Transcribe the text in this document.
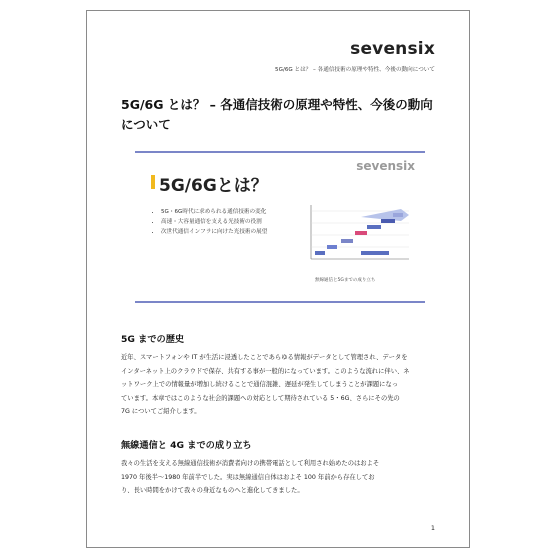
sevensix
5G/6G とは？ – 各通信技術の原理や特性、今後の動向について
5G/6G とは？ – 各通信技術の原理や特性、今後の動向について
sevensix
5G/6Gとは？
• 5G・6G時代に求められる通信技術の変化
• 高速・大容量通信を支える光技術の役割
• 次世代通信インフラに向けた光技術の展望
無線通信と5Gまでの成り立ち
5G までの歴史
近年、スマートフォンや IT が生活に浸透したことであらゆる情報がデータとして管理され、データを
インターネット上のクラウドで保存、共有する事が一般的になっています。このような流れに伴い、ネ
ットワーク上での情報量が増加し続けることで通信混雑、遅延が発生してしまうことが課題になっ
ています。本章ではこのような社会的課題への対応として期待されている 5・6G、さらにその先の
7G についてご紹介します。
無線通信と 4G までの成り立ち
我々の生活を支える無線通信技術が消費者向けの携帯電話として利用され始めたのはおよそ
1970 年後半～1980 年前半でした。実は無線通信自体はおよそ 100 年前から存在してお
り、長い時間をかけて我々の身近なものへと進化してきました。
1
